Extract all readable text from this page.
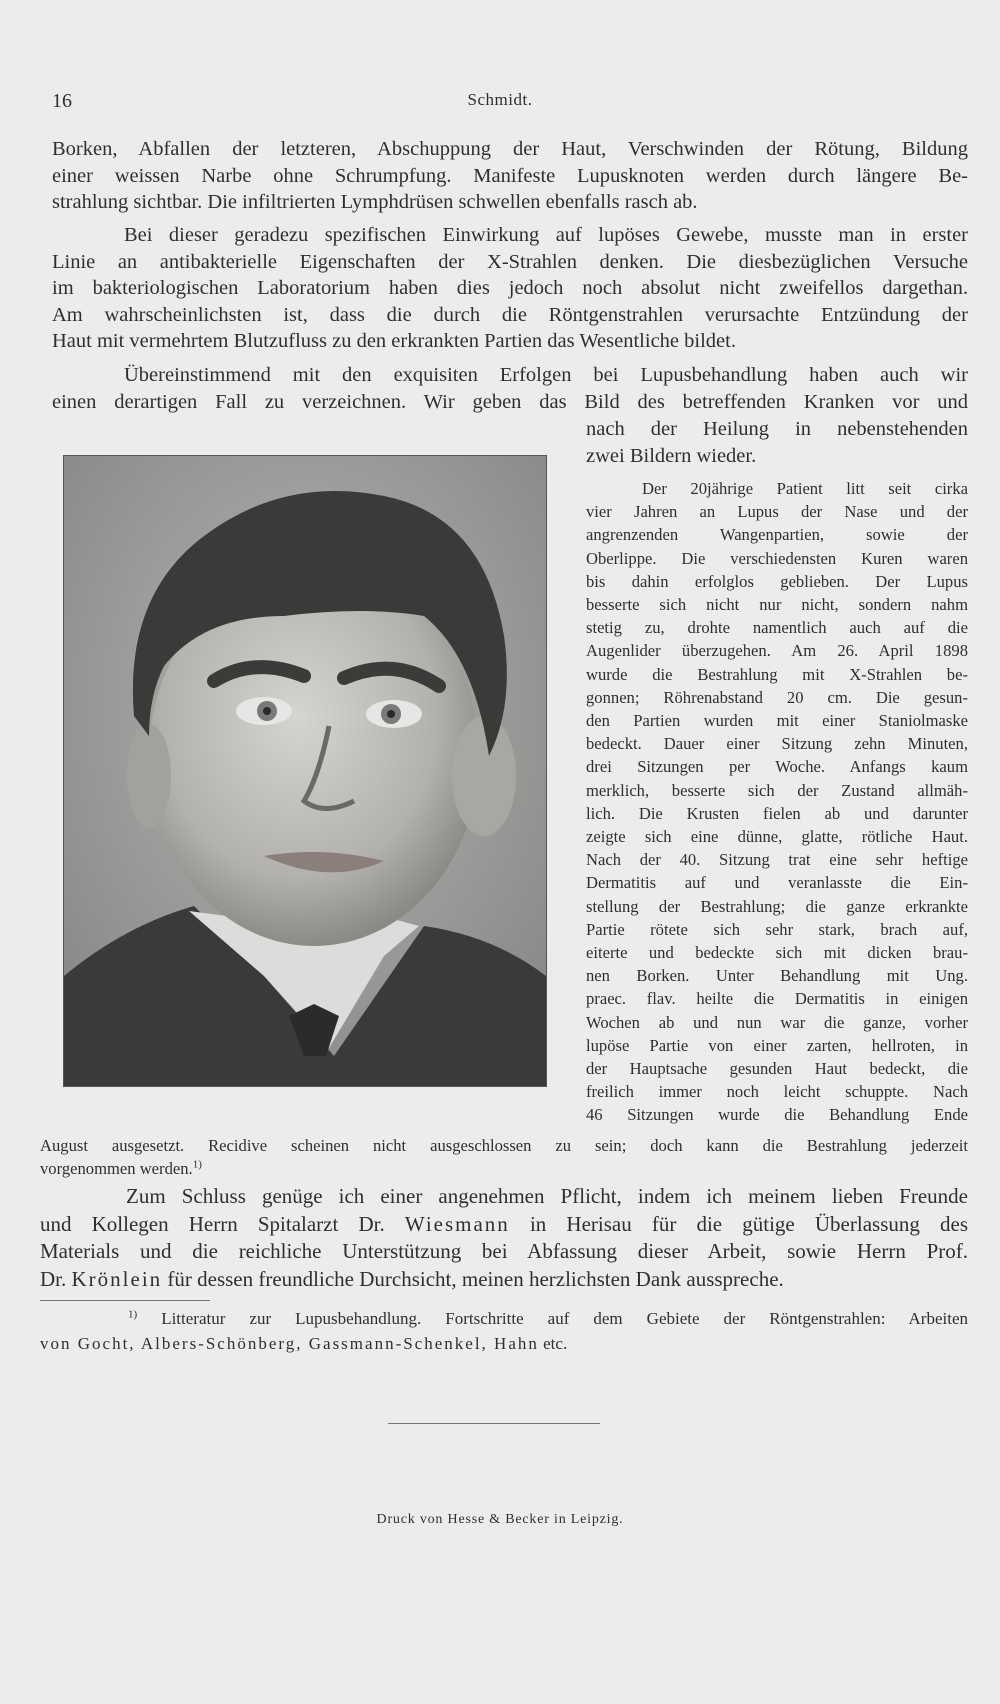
16	Schmidt.
Borken, Abfallen der letzteren, Abschuppung der Haut, Verschwinden der Rötung, Bildung
einer weissen Narbe ohne Schrumpfung. Manifeste Lupusknoten werden durch längere Be-
strahlung sichtbar. Die infiltrierten Lymphdrüsen schwellen ebenfalls rasch ab.
Bei dieser geradezu spezifischen Einwirkung auf lupöses Gewebe, musste man in erster
Linie an antibakterielle Eigenschaften der X-Strahlen denken. Die diesbezüglichen Versuche
im bakteriologischen Laboratorium haben dies jedoch noch absolut nicht zweifellos dargethan.
Am wahrscheinlichsten ist, dass die durch die Röntgenstrahlen verursachte Entzündung der
Haut mit vermehrtem Blutzufluss zu den erkrankten Partien das Wesentliche bildet.
Übereinstimmend mit den exquisiten Erfolgen bei Lupusbehandlung haben auch wir
einen derartigen Fall zu verzeichnen. Wir geben das Bild des betreffenden Kranken vor und
nach der Heilung in nebenstehenden
zwei Bildern wieder.
Der 20jährige Patient litt seit cirka
vier Jahren an Lupus der Nase und der
angrenzenden Wangenpartien, sowie der
Oberlippe. Die verschiedensten Kuren waren
bis dahin erfolglos geblieben. Der Lupus
besserte sich nicht nur nicht, sondern nahm
stetig zu, drohte namentlich auch auf die
Augenlider überzugehen. Am 26. April 1898
wurde die Bestrahlung mit X-Strahlen be-
gonnen; Röhrenabstand 20 cm. Die gesun-
den Partien wurden mit einer Staniolmaske
bedeckt. Dauer einer Sitzung zehn Minuten,
drei Sitzungen per Woche. Anfangs kaum
merklich, besserte sich der Zustand allmäh-
lich. Die Krusten fielen ab und darunter
zeigte sich eine dünne, glatte, rötliche Haut.
Nach der 40. Sitzung trat eine sehr heftige
Dermatitis auf und veranlasste die Ein-
stellung der Bestrahlung; die ganze erkrankte
Partie rötete sich sehr stark, brach auf,
eiterte und bedeckte sich mit dicken brau-
nen Borken. Unter Behandlung mit Ung.
praec. flav. heilte die Dermatitis in einigen
Wochen ab und nun war die ganze, vorher
lupöse Partie von einer zarten, hellroten, in
der Hauptsache gesunden Haut bedeckt, die
freilich immer noch leicht schuppte. Nach
46 Sitzungen wurde die Behandlung Ende
August ausgesetzt. Recidive scheinen nicht ausgeschlossen zu sein; doch kann die Bestrahlung jederzeit
vorgenommen werden.$^{1)}$
Zum Schluss genüge ich einer angenehmen Pflicht, indem ich meinem lieben Freunde
und Kollegen Herrn Spitalarzt Dr. Wiesmann in Herisau für die gütige Überlassung des
Materials und die reichliche Unterstützung bei Abfassung dieser Arbeit, sowie Herrn Prof.
Dr. Krönlein für dessen freundliche Durchsicht, meinen herzlichsten Dank ausspreche.
$^{1)}$ Litteratur zur Lupusbehandlung. Fortschritte auf dem Gebiete der Röntgenstrahlen: Arbeiten
von Gocht, Albers-Schönberg, Gassmann-Schenkel, Hahn etc.
Druck von Hesse & Becker in Leipzig.
